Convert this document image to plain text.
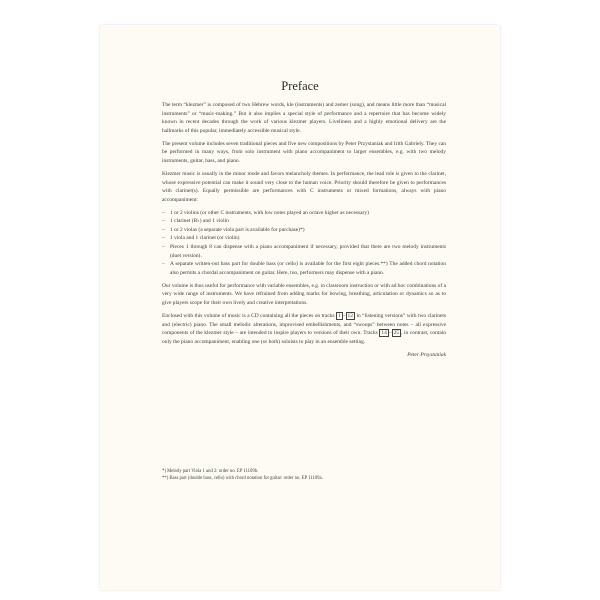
Preface

The term “klezmer” is composed of two Hebrew words, kle (instruments) and zemer (song), and means little more than “musical instruments” or “music-making.” But it also implies a special style of performance and a repertoire that has become widely known in recent decades through the work of various klezmer players. Liveliness and a highly emotional delivery are the hallmarks of this popular, immediately accessible musical style.

The present volume includes seven traditional pieces and five new compositions by Peter Przystaniak and Irith Gabriely. They can be performed in many ways, from solo instrument with piano accompaniment to larger ensembles, e.g. with two melody instruments, guitar, bass, and piano.

Klezmer music is usually in the minor mode and favors melancholy themes. In performance, the lead role is given to the clarinet, whose expressive potential can make it sound very close to the human voice. Priority should therefore be given to performances with clarinet(s). Equally permissible are performances with C instruments or mixed formations, always with piano accompaniment:

– 1 or 2 violins (or other C instruments, with low notes played an octave higher as necessary)
– 1 clarinet (B♭) and 1 violin
– 1 or 2 violas (a separate viola part is available for purchase)*)
– 1 viola and 1 clarinet (or violin)
– Pieces 1 through 8 can dispense with a piano accompaniment if necessary, provided that there are two melody instruments (duet version).
– A separate written-out bass part for double bass (or cello) is available for the first eight pieces.**) The added chord notation also permits a chordal accompaniment on guitar. Here, too, performers may dispense with a piano.

Our volume is thus useful for performance with variable ensembles, e.g. in classroom instruction or with ad hoc combinations of a very wide range of instruments. We have refrained from adding marks for bowing, breathing, articulation or dynamics so as to give players scope for their own lively and creative interpretations.

Enclosed with this volume of music is a CD containing all the pieces on tracks 1 – 12 in “listening versions” with two clarinets and (electric) piano. The small melodic alterations, improvised embellishments, and “swoops” between notes – all expressive components of the klezmer style – are intended to inspire players to versions of their own. Tracks 14 – 25 , in contrast, contain only the piano accompaniment, enabling one (or both) soloists to play in an ensemble setting.

Peter Przystaniak
*) Melody part Viola 1 and 2: order no. EP 11109b.
**) Bass part (double bass, cello) with chord notation for guitar: order no. EP 11109a.
